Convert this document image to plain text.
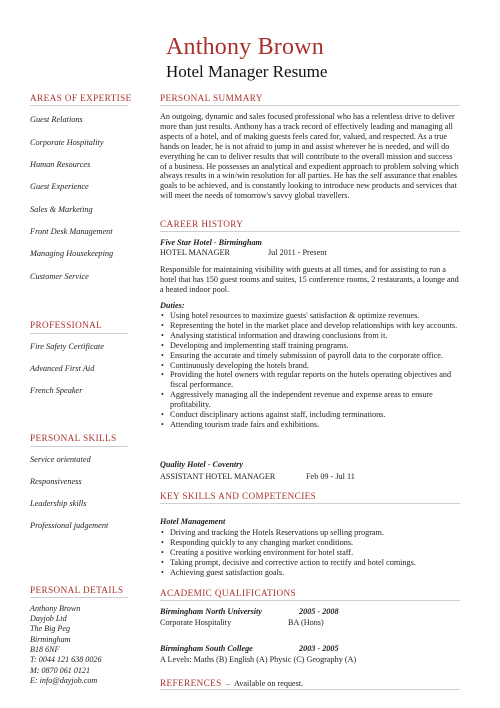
Anthony Brown
Hotel Manager Resume
AREAS OF EXPERTISE
Guest Relations
Corporate Hospitality
Human Resources
Guest Experience
Sales & Marketing
Front Desk Management
Managing Housekeeping
Customer Service
PROFESSIONAL
Fire Safety Certificate
Advanced First Aid
French Speaker
PERSONAL SKILLS
Service orientated
Responsiveness
Leadership skills
Professional judgement
PERSONAL DETAILS
Anthony Brown
Dayjob Ltd
The Big Peg
Birmingham
B18 6NF
T: 0044 121 638 0026
M: 0870 061 0121
E: info@dayjob.com
PERSONAL SUMMARY
An outgoing, dynamic and sales focused professional who has a relentless drive to deliver more than just results. Anthony has a track record of effectively leading and managing all aspects of a hotel, and of making guests feels cared for, valued, and respected. As a true hands on leader, he is not afraid to jump in and assist wherever he is needed, and will do everything he can to deliver results that will contribute to the overall mission and success of a business. He possesses an analytical and expedient approach to problem solving which always results in a win/win resolution for all parties. He has the self assurance that enables goals to be achieved, and is constantly looking to introduce new products and services that will meet the needs of tomorrow's savvy global travellers.
CAREER HISTORY
Five Star Hotel - Birmingham
HOTEL MANAGER	Jul 2011 - Present
Responsible for maintaining visibility with guests at all times, and for assisting to run a hotel that has 150 guest rooms and suites, 15 conference rooms, 2 restaurants, a lounge and a heated indoor pool.
Duties:
• Using hotel resources to maximize guests' satisfaction & optimize revenues.
• Representing the hotel in the market place and develop relationships with key accounts.
• Analysing statistical information and drawing conclusions from it.
• Developing and implementing staff training programs.
• Ensuring the accurate and timely submission of payroll data to the corporate office.
• Continuously developing the hotels brand.
• Providing the hotel owners with regular reports on the hotels operating objectives and fiscal performance.
• Aggressively managing all the independent revenue and expense areas to ensure profitability.
• Conduct disciplinary actions against staff, including terminations.
• Attending tourism trade fairs and exhibitions.
Quality Hotel - Coventry
ASSISTANT HOTEL MANAGER	Feb 09 - Jul 11
KEY SKILLS AND COMPETENCIES
Hotel Management
• Driving and tracking the Hotels Reservations up selling program.
• Responding quickly to any changing market conditions.
• Creating a positive working environment for hotel staff.
• Taking prompt, decisive and corrective action to rectify and hotel comings.
• Achieving guest satisfaction goals.
ACADEMIC QUALIFICATIONS
Birmingham North University	2005 - 2008
Corporate Hospitality	BA (Hons)
Birmingham South College	2003 - 2005
A Levels: Maths (B) English (A) Physic (C) Geography (A)
REFERENCES – Available on request.
